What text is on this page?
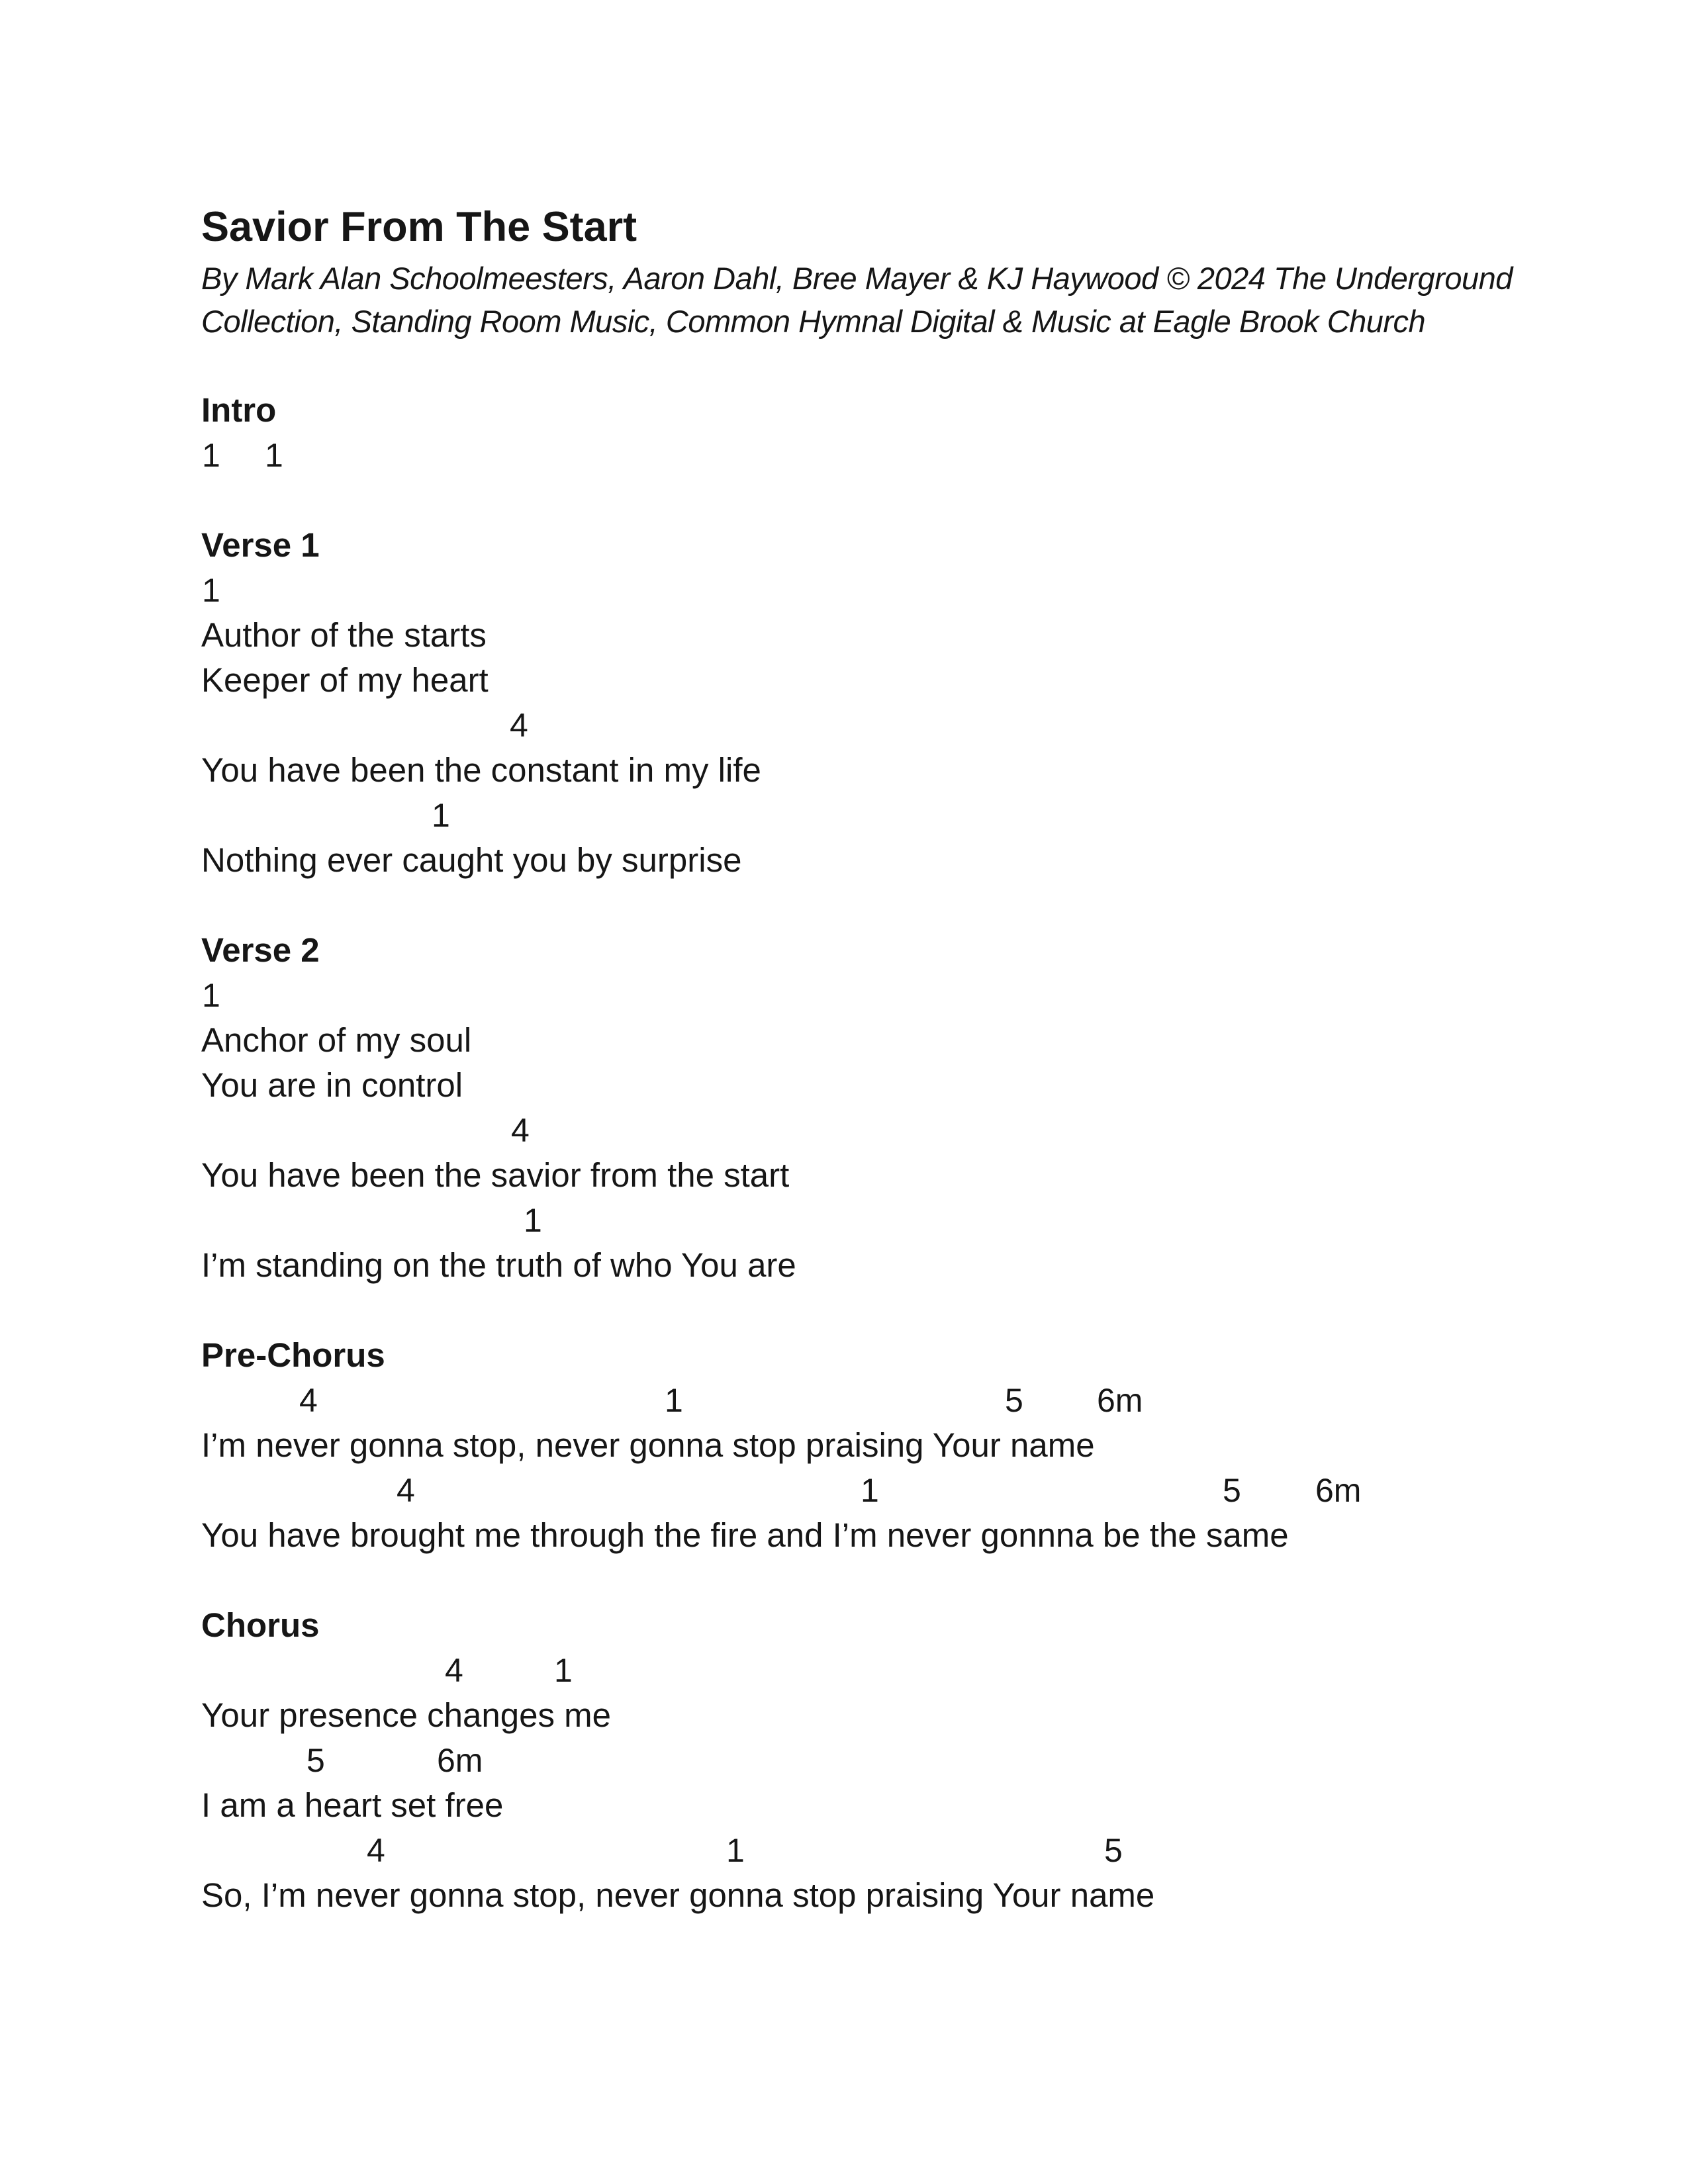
Savior From The Start
By Mark Alan Schoolmeesters, Aaron Dahl, Bree Mayer & KJ Haywood © 2024 The Underground
Collection, Standing Room Music, Common Hymnal Digital & Music at Eagle Brook Church
Intro
1 1
Verse 1
1
Author of the starts
Keeper of my heart
4
You have been the constant in my life
1
Nothing ever caught you by surprise
Verse 2
1
Anchor of my soul
You are in control
4
You have been the savior from the start
1
I’m standing on the truth of who You are
Pre-Chorus
4	1	5 6m
I’m never gonna stop, never gonna stop praising Your name
4	1	5 6m
You have brought me through the fire and I’m never gonnna be the same
Chorus
4	1
Your presence changes me
5	6m
I am a heart set free
4	1	5
So, I’m never gonna stop, never gonna stop praising Your name
